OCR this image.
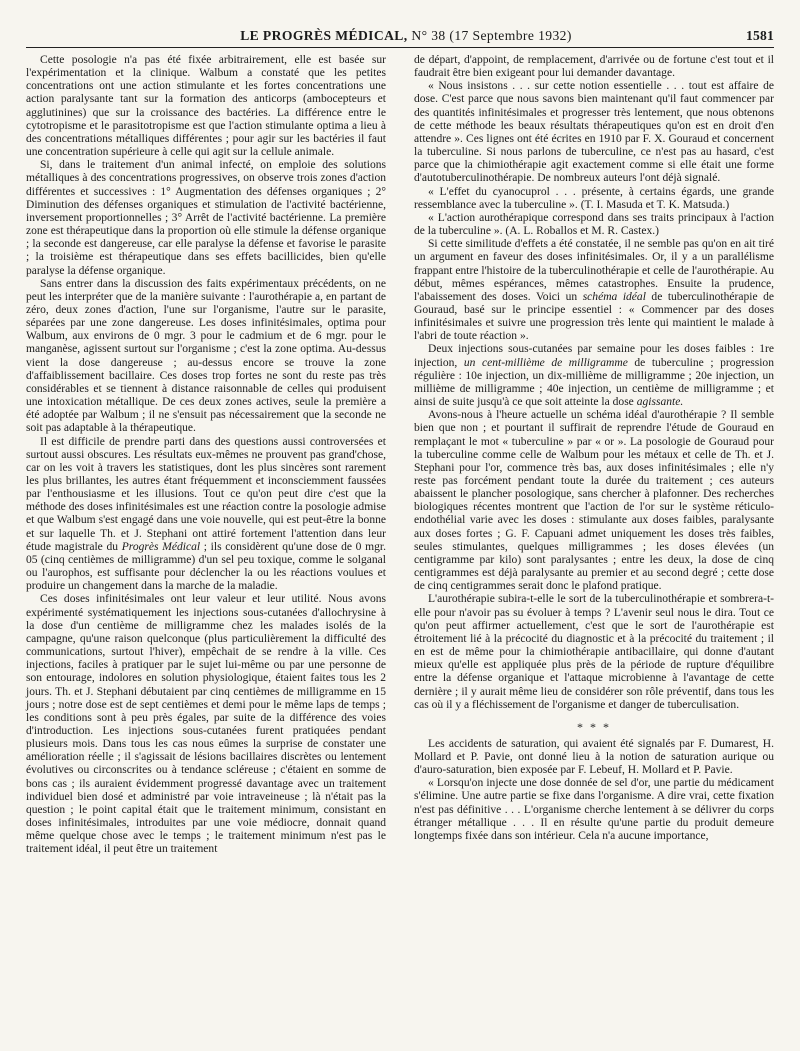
LE PROGRÈS MÉDICAL, N° 38 (17 Septembre 1932)	1581

Cette posologie n'a pas été fixée arbitrairement, elle est basée sur l'expérimentation et la clinique. Walbum a constaté que les petites concentrations ont une action stimulante et les fortes concentrations une action paralysante tant sur la formation des anticorps (ambocepteurs et agglutinines) que sur la croissance des bactéries. La différence entre le cytotropisme et le parasitotropisme est que l'action stimulante optima a lieu à des concentrations métalliques différentes ; pour agir sur les bactéries il faut une concentration supérieure à celle qui agit sur la cellule animale.

Si, dans le traitement d'un animal infecté, on emploie des solutions métalliques à des concentrations progressives, on observe trois zones d'action différentes et successives : 1° Augmentation des défenses organiques ; 2° Diminution des défenses organiques et stimulation de l'activité bactérienne, inversement proportionnelles ; 3° Arrêt de l'activité bactérienne. La première zone est thérapeutique dans la proportion où elle stimule la défense organique ; la seconde est dangereuse, car elle paralyse la défense et favorise le parasite ; la troisième est thérapeutique dans ses effets bacillicides, bien qu'elle paralyse la défense organique.

Sans entrer dans la discussion des faits expérimentaux précédents, on ne peut les interpréter que de la manière suivante : l'aurothérapie a, en partant de zéro, deux zones d'action, l'une sur l'organisme, l'autre sur le parasite, séparées par une zone dangereuse. Les doses infinitésimales, optima pour Walbum, aux environs de 0 mgr. 3 pour le cadmium et de 6 mgr. pour le manganèse, agissent surtout sur l'organisme ; c'est la zone optima. Au-dessus vient la dose dangereuse ; au-dessus encore se trouve la zone d'affaiblissement bacillaire. Ces doses trop fortes ne sont du reste pas très considérables et se tiennent à distance raisonnable de celles qui produisent une intoxication métallique. De ces deux zones actives, seule la première a été adoptée par Walbum ; il ne s'ensuit pas nécessairement que la seconde ne soit pas adaptable à la thérapeutique.

Il est difficile de prendre parti dans des questions aussi controversées et surtout aussi obscures. Les résultats eux-mêmes ne prouvent pas grand'chose, car on les voit à travers les statistiques, dont les plus sincères sont rarement les plus brillantes, les autres étant fréquemment et inconsciemment faussées par l'enthousiasme et les illusions. Tout ce qu'on peut dire c'est que la méthode des doses infinitésimales est une réaction contre la posologie admise et que Walbum s'est engagé dans une voie nouvelle, qui est peut-être la bonne et sur laquelle Th. et J. Stephani ont attiré fortement l'attention dans leur étude magistrale du Progrès Médical ; ils considèrent qu'une dose de 0 mgr. 05 (cinq centièmes de milligramme) d'un sel peu toxique, comme le solganal ou l'aurophos, est suffisante pour déclencher la ou les réactions voulues et produire un changement dans la marche de la maladie.

Ces doses infinitésimales ont leur valeur et leur utilité. Nous avons expérimenté systématiquement les injections sous-cutanées d'allochrysine à la dose d'un centième de milligramme chez les malades isolés de la campagne, qu'une raison quelconque (plus particulièrement la difficulté des communications, surtout l'hiver), empêchait de se rendre à la ville. Ces injections, faciles à pratiquer par le sujet lui-même ou par une personne de son entourage, indolores en solution physiologique, étaient faites tous les 2 jours. Th. et J. Stephani débutaient par cinq centièmes de milligramme en 15 jours ; notre dose est de sept centièmes et demi pour le même laps de temps ; les conditions sont à peu près égales, par suite de la différence des voies d'introduction. Les injections sous-cutanées furent pratiquées pendant plusieurs mois. Dans tous les cas nous eûmes la surprise de constater une amélioration réelle ; il s'agissait de lésions bacillaires discrètes ou lentement évolutives ou circonscrites ou à tendance scléreuse ; c'étaient en somme de bons cas ; ils auraient évidemment progressé davantage avec un traitement individuel bien dosé et administré par voie intraveineuse ; là n'était pas la question ; le point capital était que le traitement minimum, consistant en doses infinitésimales, introduites par une voie médiocre, donnait quand même quelque chose avec le temps ; le traitement minimum n'est pas le traitement idéal, il peut être un traitement

de départ, d'appoint, de remplacement, d'arrivée ou de fortune c'est tout et il faudrait être bien exigeant pour lui demander davantage.

« Nous insistons . . . sur cette notion essentielle . . . tout est affaire de dose. C'est parce que nous savons bien maintenant qu'il faut commencer par des quantités infinitésimales et progresser très lentement, que nous obtenons de cette méthode les beaux résultats thérapeutiques qu'on est en droit d'en attendre ». Ces lignes ont été écrites en 1910 par F. X. Gouraud et concernent la tuberculine. Si nous parlons de tuberculine, ce n'est pas au hasard, c'est parce que la chimiothérapie agit exactement comme si elle était une forme d'autotuberculinothérapie. De nombreux auteurs l'ont déjà signalé.

« L'effet du cyanocuprol . . . présente, à certains égards, une grande ressemblance avec la tuberculine ». (T. I. Masuda et T. K. Matsuda.)

« L'action aurothérapique correspond dans ses traits principaux à l'action de la tuberculine ». (A. L. Roballos et M. R. Castex.)

Si cette similitude d'effets a été constatée, il ne semble pas qu'on en ait tiré un argument en faveur des doses infinitésimales. Or, il y a un parallélisme frappant entre l'histoire de la tuberculinothérapie et celle de l'aurothérapie. Au début, mêmes espérances, mêmes catastrophes. Ensuite la prudence, l'abaissement des doses. Voici un schéma idéal de tuberculinothérapie de Gouraud, basé sur le principe essentiel : « Commencer par des doses infinitésimales et suivre une progression très lente qui maintient le malade à l'abri de toute réaction ».

Deux injections sous-cutanées par semaine pour les doses faibles : 1re injection, un cent-millième de milligramme de tuberculine ; progression régulière : 10e injection, un dix-millième de milligramme ; 20e injection, un millième de milligramme ; 40e injection, un centième de milligramme ; et ainsi de suite jusqu'à ce que soit atteinte la dose agissante.

Avons-nous à l'heure actuelle un schéma idéal d'aurothérapie ? Il semble bien que non ; et pourtant il suffirait de reprendre l'étude de Gouraud en remplaçant le mot « tuberculine » par « or ». La posologie de Gouraud pour la tuberculine comme celle de Walbum pour les métaux et celle de Th. et J. Stephani pour l'or, commence très bas, aux doses infinitésimales ; elle n'y reste pas forcément pendant toute la durée du traitement ; ces auteurs abaissent le plancher posologique, sans chercher à plafonner. Des recherches biologiques récentes montrent que l'action de l'or sur le système réticulo-endothélial varie avec les doses : stimulante aux doses faibles, paralysante aux doses fortes ; G. F. Capuani admet uniquement les doses très faibles, seules stimulantes, quelques milligrammes ; les doses élevées (un centigramme par kilo) sont paralysantes ; entre les deux, la dose de cinq centigrammes est déjà paralysante au premier et au second degré ; cette dose de cinq centigrammes serait donc le plafond pratique.

L'aurothérapie subira-t-elle le sort de la tuberculinothérapie et sombrera-t-elle pour n'avoir pas su évoluer à temps ? L'avenir seul nous le dira. Tout ce qu'on peut affirmer actuellement, c'est que le sort de l'aurothérapie est étroitement lié à la précocité du diagnostic et à la précocité du traitement ; il en est de même pour la chimiothérapie antibacillaire, qui donne d'autant mieux qu'elle est appliquée plus près de la période de rupture d'équilibre entre la défense organique et l'attaque microbienne à l'avantage de cette dernière ; il y aurait même lieu de considérer son rôle préventif, dans tous les cas où il y a fléchissement de l'organisme et danger de tuberculisation.

* * *

Les accidents de saturation, qui avaient été signalés par F. Dumarest, H. Mollard et P. Pavie, ont donné lieu à la notion de saturation aurique ou d'auro-saturation, bien exposée par F. Lebeuf, H. Mollard et P. Pavie.

« Lorsqu'on injecte une dose donnée de sel d'or, une partie du médicament s'élimine. Une autre partie se fixe dans l'organisme. A dire vrai, cette fixation n'est pas définitive . . . L'organisme cherche lentement à se délivrer du corps étranger métallique . . . Il en résulte qu'une partie du produit demeure longtemps fixée dans son intérieur. Cela n'a aucune importance,
